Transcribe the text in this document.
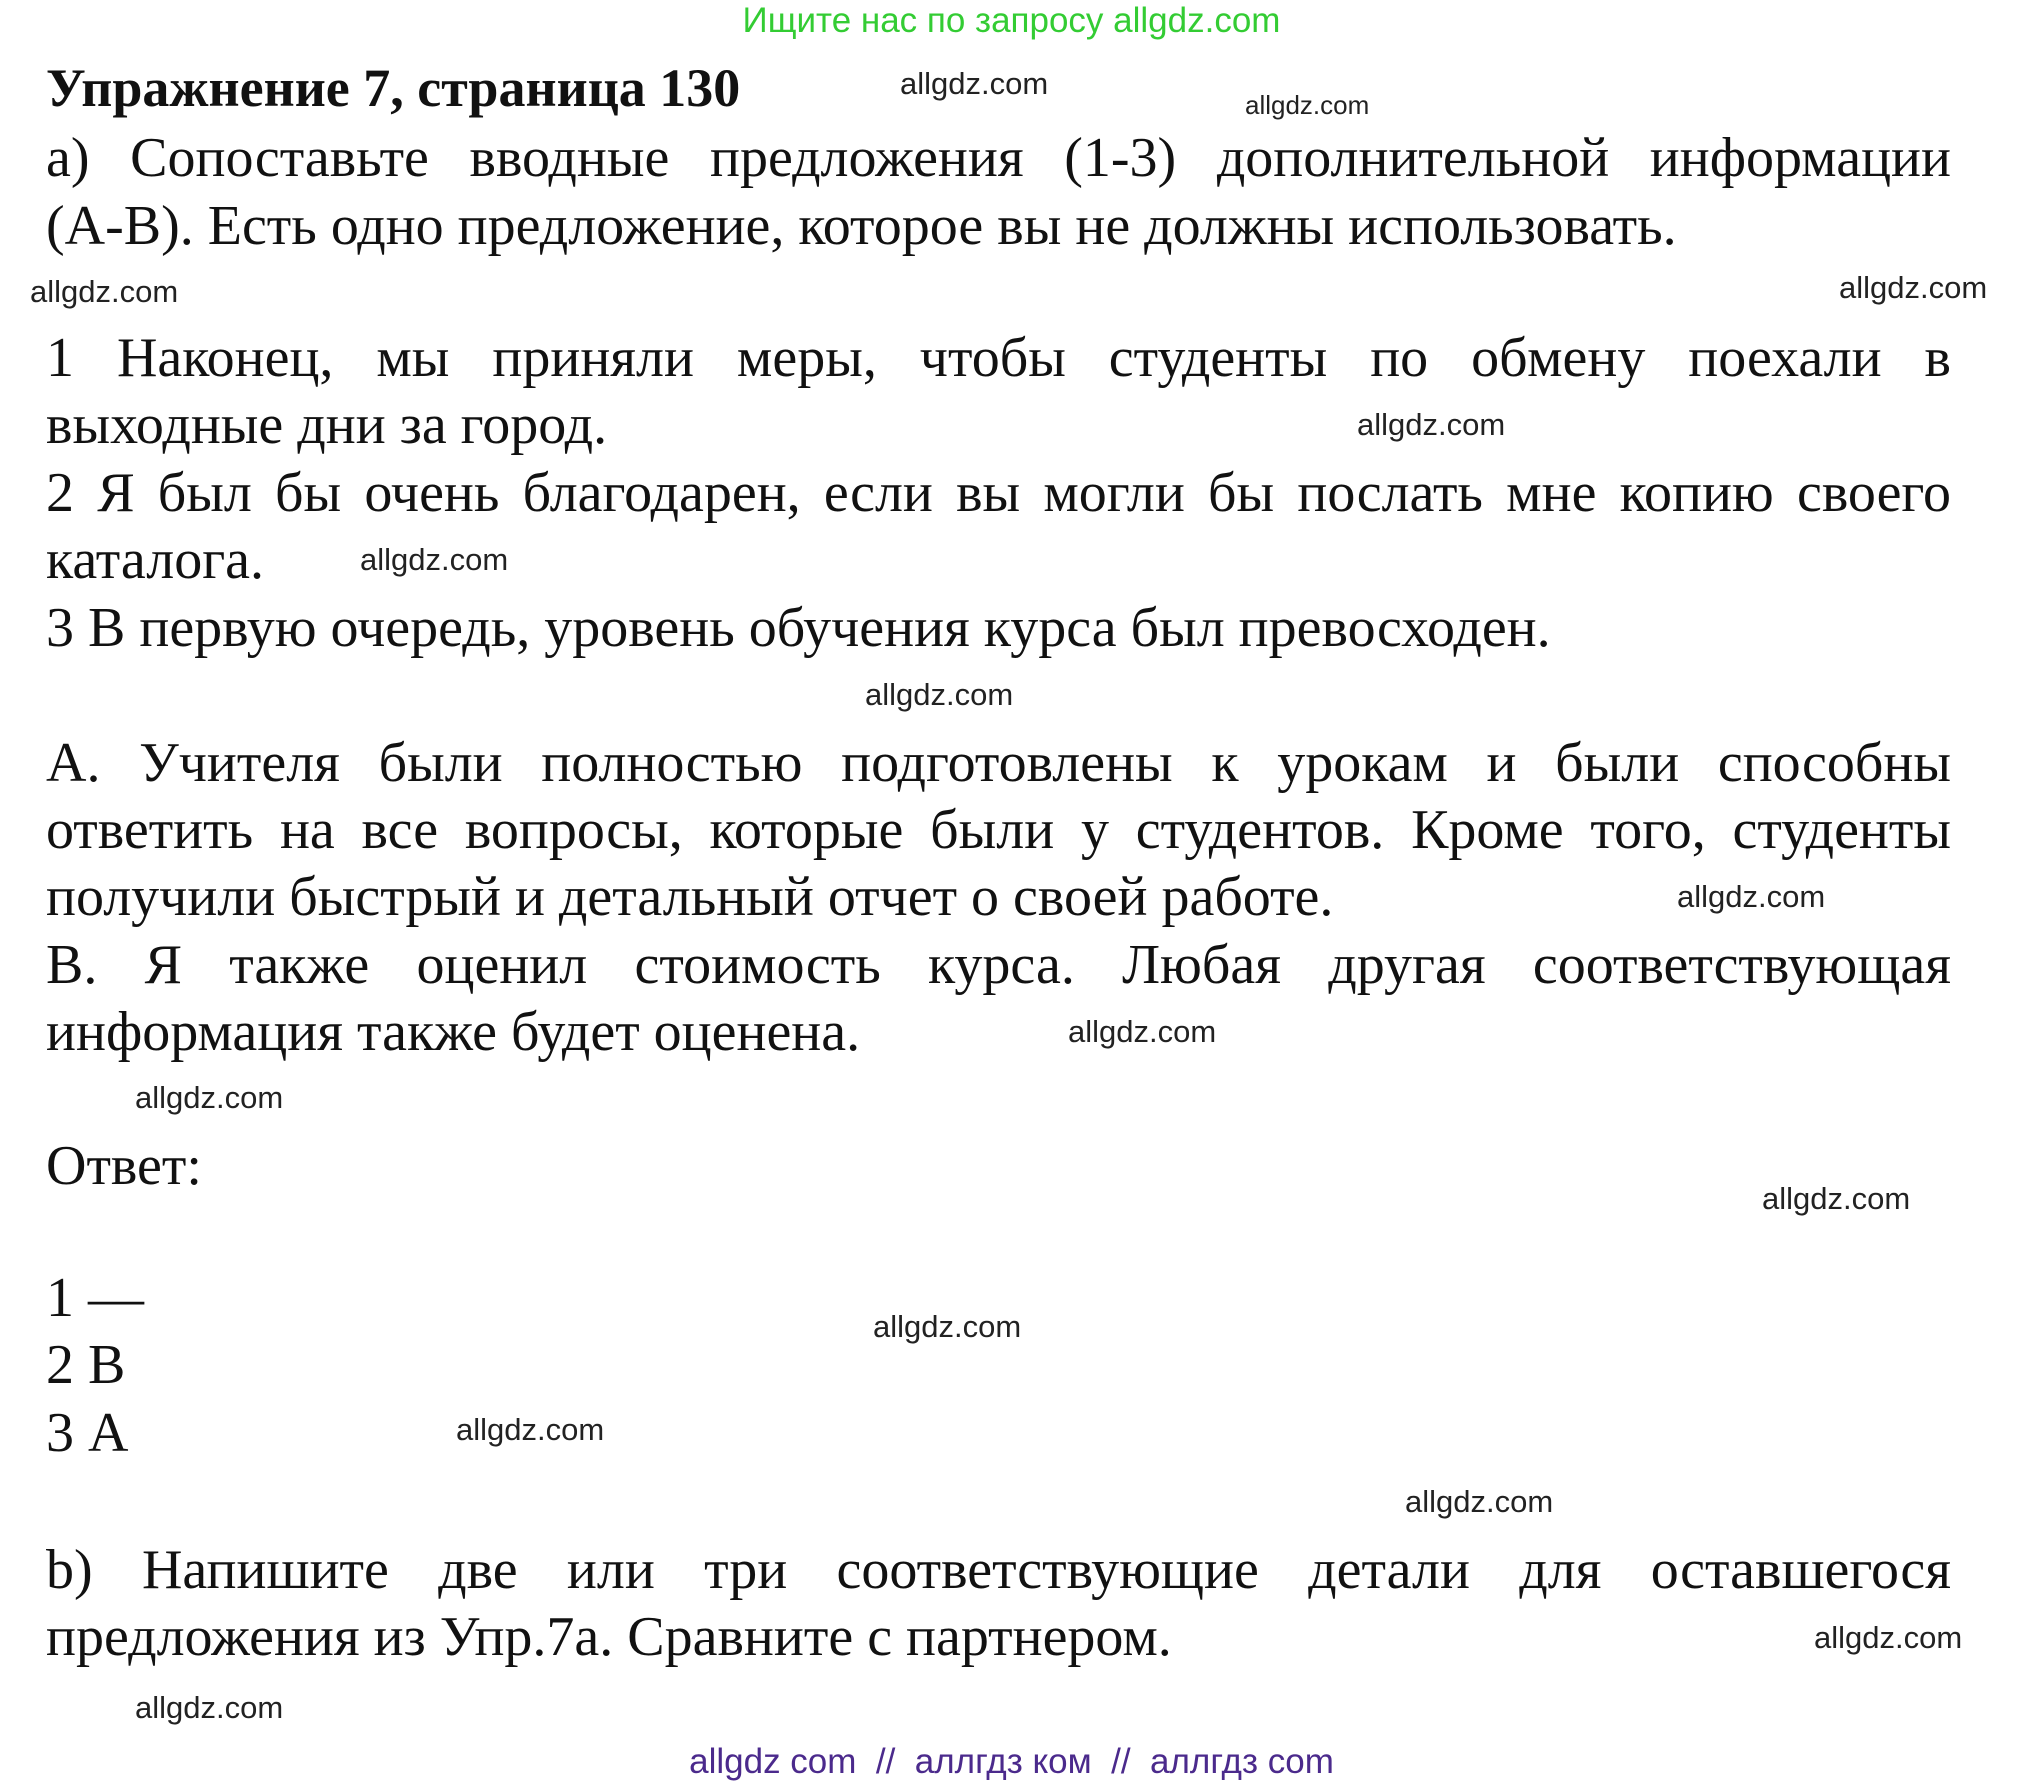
Ищите нас по запросу allgdz.com
Упражнение 7, страница 130
а) Сопоставьте вводные предложения (1-3) дополнительной информации
(А-В). Есть одно предложение, которое вы не должны использовать.
1 Наконец, мы приняли меры, чтобы студенты по обмену поехали в
выходные дни за город.
2 Я был бы очень благодарен, если вы могли бы послать мне копию своего
каталога.
3 В первую очередь, уровень обучения курса был превосходен.
А. Учителя были полностью подготовлены к урокам и были способны
ответить на все вопросы, которые были у студентов. Кроме того, студенты
получили быстрый и детальный отчет о своей работе.
В. Я также оценил стоимость курса. Любая другая соответствующая
информация также будет оценена.
Ответ:
1 —
2 В
3 А
b) Напишите две или три соответствующие детали для оставшегося
предложения из Упр.7а. Сравните с партнером.
allgdz.com
allgdz.com
allgdz.com
allgdz.com
allgdz.com
allgdz.com
allgdz.com
allgdz.com
allgdz.com
allgdz.com
allgdz.com
allgdz.com
allgdz.com
allgdz.com
allgdz.com
allgdz.com
allgdz com  //  аллгдз ком  //  аллгдз com
